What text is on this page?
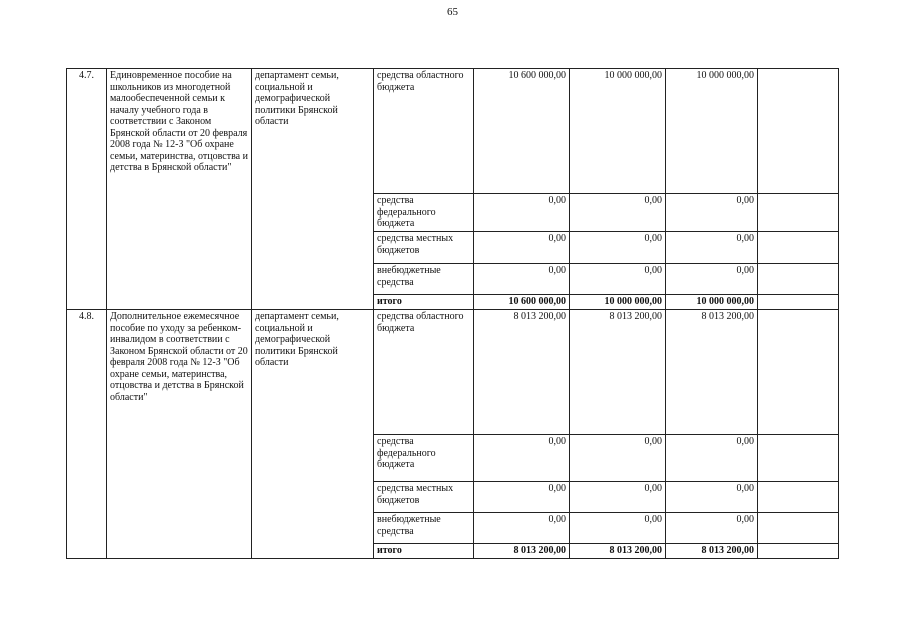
65
4.7.	Единовременное пособие на школьников из многодетной малообеспеченной семьи к началу учебного года в соответствии с Законом Брянской области от 20 февраля 2008 года № 12-З "Об охране семьи, материнства, отцовства и детства в Брянской области"	департамент семьи, социальной и демографической политики Брянской области	средства областного бюджета	10 600 000,00	10 000 000,00	10 000 000,00	
			средства федерального бюджета	0,00	0,00	0,00	
			средства местных бюджетов	0,00	0,00	0,00	
			внебюджетные средства	0,00	0,00	0,00	
			итого	10 600 000,00	10 000 000,00	10 000 000,00	
4.8.	Дополнительное ежемесячное пособие по уходу за ребенком-инвалидом в соответствии с Законом Брянской области от 20 февраля 2008 года № 12-З "Об охране семьи, материнства, отцовства и детства в Брянской области"	департамент семьи, социальной и демографической политики Брянской области	средства областного бюджета	8 013 200,00	8 013 200,00	8 013 200,00	
			средства федерального бюджета	0,00	0,00	0,00	
			средства местных бюджетов	0,00	0,00	0,00	
			внебюджетные средства	0,00	0,00	0,00	
			итого	8 013 200,00	8 013 200,00	8 013 200,00	
